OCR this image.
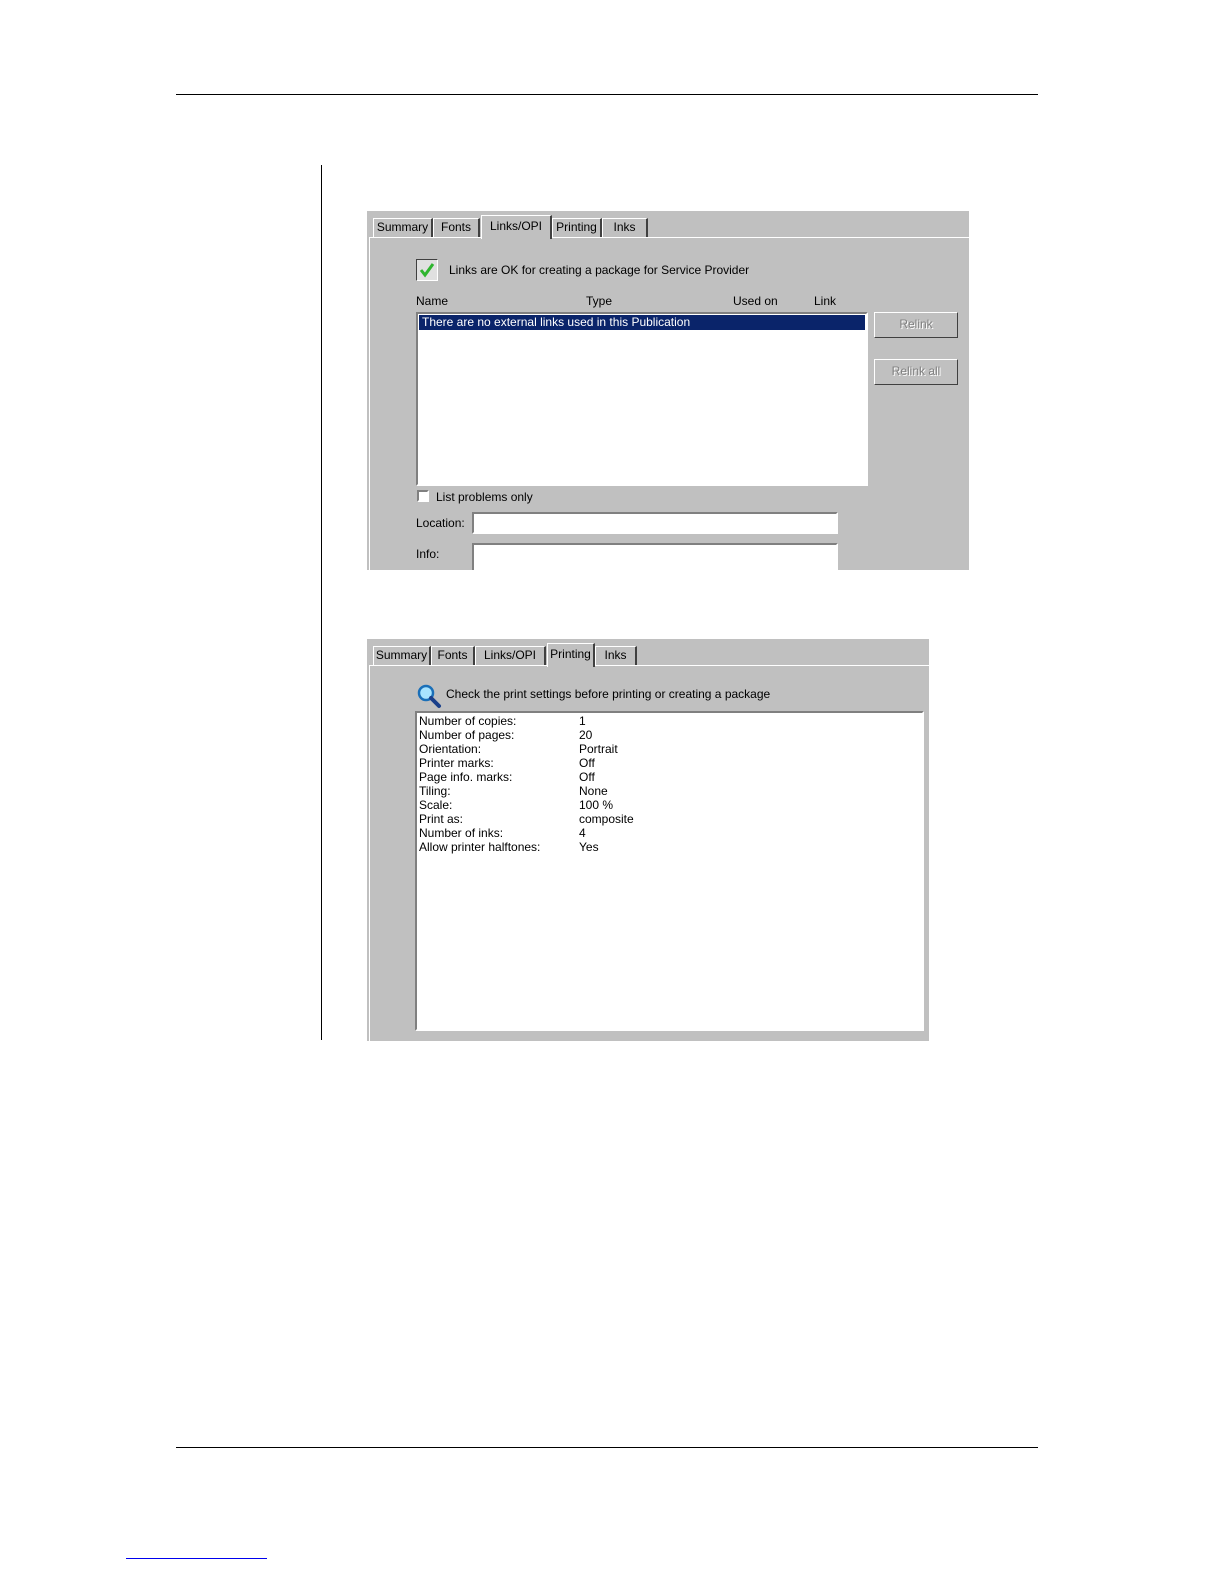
Summary	Fonts	Links/OPI	Printing	Inks
Links are OK for creating a package for Service Provider
Name	Type	Used on	Link
There are no external links used in this Publication	Relink
Relink all
List problems only
Location:
Info:
Summary Fonts	Links/OPI	Printing	Inks
Check the print settings before printing or creating a package
Number of copies:	1
Number of pages:	20
Orientation:	Portrait
Printer marks:	Off
Page info. marks:	Off
Tiling:	None
Scale:	100 %
Print as:	composite
Number of inks:	4
Allow printer halftones:	Yes
